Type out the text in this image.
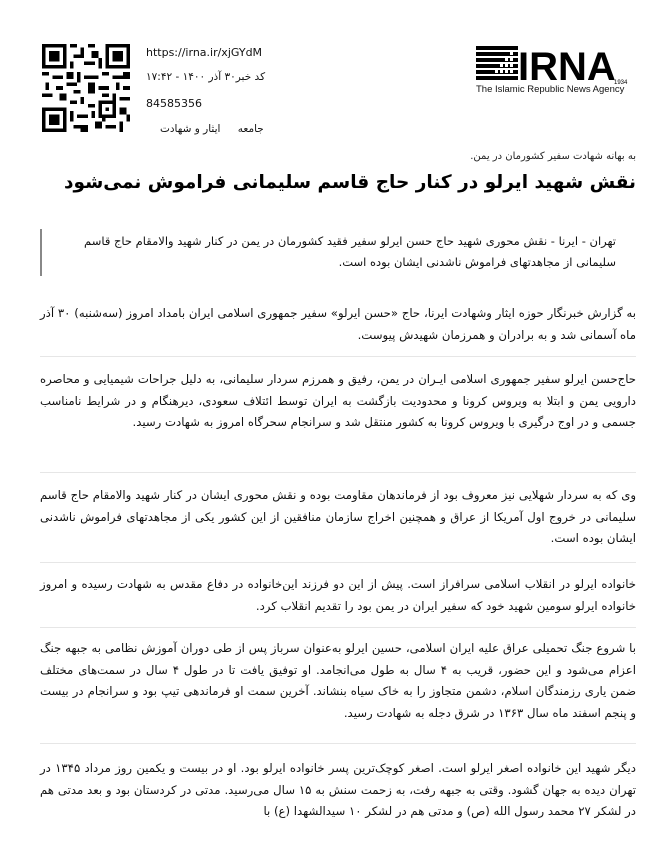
https://irna.ir/xjGYdM
کد خبر۳۰ آذر ۱۴۰۰ - ۱۷:۴۲
84585356
جامعه ایثار و شهادت
IRNA
1934
The Islamic Republic News Agency
به بهانه شهادت سفیر کشورمان در یمن.
نقش شهید ایرلو در کنار حاج قاسم سلیمانی فراموش نمی‌شود
تهران - ایرنا - نقش محوری شهید حاج حسن ایرلو سفیر فقید کشورمان در یمن در کنار شهید والامقام حاج قاسم
سلیمانی از مجاهدتهای فراموش ناشدنی ایشان بوده است.
به گزارش خبرنگار حوزه ایثار وشهادت ایرنا، حاج «حسن ایرلو» سفیر جمهوری اسلامی ایران بامداد امروز (سه‌شنبه) ۳۰ آذر ماه آسمانی شد و به برادران و همرزمان شهیدش پیوست.
حاج‌حسن ایرلو سفیر جمهوری اسلامی ایـران در یمن، رفیق و همرزم سردار سلیمانی، به دلیل جراحات شیمیایی و محاصره دارویی یمن و ابتلا به ویروس کرونا و محدودیت بازگشت به ایران توسط ائتلاف سعودی، دیرهنگام و در شرایط نامناسب جسمی و در اوج درگیری با ویروس کرونا به کشور منتقل شد و سرانجام سحرگاه امروز به شهادت رسید.
وی که به سردار شهلایی نیز معروف بود از فرماندهان مقاومت بوده و نقش محوری ایشان در کنار شهید والامقام حاج قاسم سلیمانی در خروج اول آمریکا از عراق و همچنین اخراج سازمان منافقین از این کشور یکی از مجاهدتهای فراموش ناشدنی ایشان بوده است.
خانواده ایرلو در انقلاب اسلامی سرافراز است. پیش از این دو فرزند این‌خانواده در دفاع مقدس به شهادت رسیده و امروز خانواده ایرلو سومین شهید خود که سفیر ایران در یمن بود را تقدیم انقلاب کرد.
با شروع جنگ تحمیلی عراق علیه ایران اسلامی، حسین ایرلو به‌عنوان سرباز پس از طی دوران آموزش نظامی به جبهه جنگ اعزام می‌شود و این حضور، قریب به ۴ سال به طول می‌انجامد. او توفیق یافت تا در طول ۴ سال در سمت‌های مختلف ضمن یاری رزمندگان اسلام، دشمن متجاوز را به خاک سیاه بنشاند. آخرین سمت او فرماندهی تیپ بود و سرانجام در بیست و پنجم اسفند ماه سال ۱۳۶۳ در شرق دجله به شهادت رسید.
دیگر شهید این خانواده اصغر ایرلو است. اصغر کوچک‌ترین پسر خانواده ایرلو بود. او در بیست و یکمین روز مرداد ۱۳۴۵ در تهران دیده به جهان گشود. وقتی به جبهه رفت، به زحمت سنش به ۱۵ سال می‌رسید. مدتی در کردستان بود و بعد مدتی هم در لشکر ۲۷ محمد رسول الله (ص) و مدتی هم در لشکر ۱۰ سیدالشهدا (ع) با
